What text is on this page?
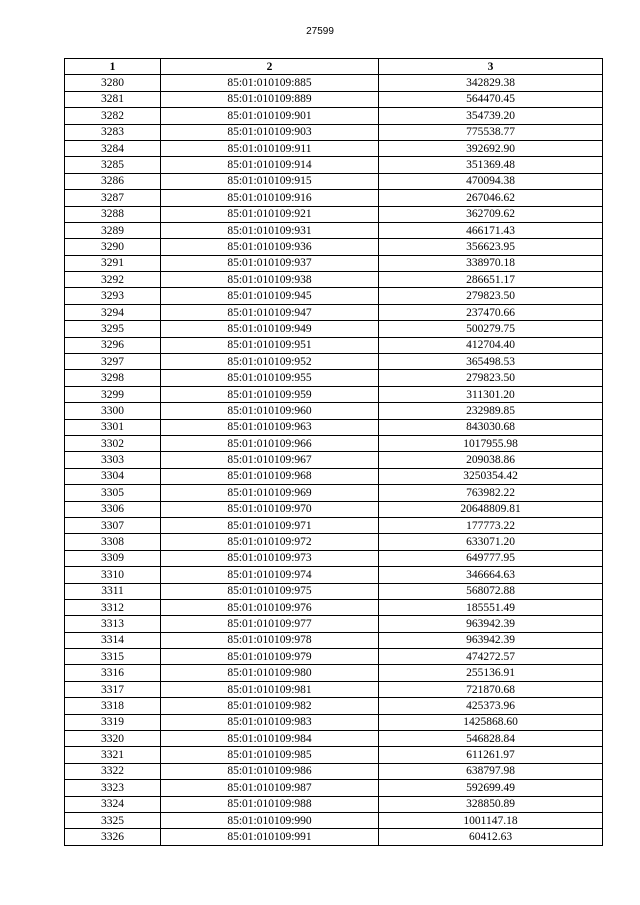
27599
1	2	3
3280	85:01:010109:885	342829.38
3281	85:01:010109:889	564470.45
3282	85:01:010109:901	354739.20
3283	85:01:010109:903	775538.77
3284	85:01:010109:911	392692.90
3285	85:01:010109:914	351369.48
3286	85:01:010109:915	470094.38
3287	85:01:010109:916	267046.62
3288	85:01:010109:921	362709.62
3289	85:01:010109:931	466171.43
3290	85:01:010109:936	356623.95
3291	85:01:010109:937	338970.18
3292	85:01:010109:938	286651.17
3293	85:01:010109:945	279823.50
3294	85:01:010109:947	237470.66
3295	85:01:010109:949	500279.75
3296	85:01:010109:951	412704.40
3297	85:01:010109:952	365498.53
3298	85:01:010109:955	279823.50
3299	85:01:010109:959	311301.20
3300	85:01:010109:960	232989.85
3301	85:01:010109:963	843030.68
3302	85:01:010109:966	1017955.98
3303	85:01:010109:967	209038.86
3304	85:01:010109:968	3250354.42
3305	85:01:010109:969	763982.22
3306	85:01:010109:970	20648809.81
3307	85:01:010109:971	177773.22
3308	85:01:010109:972	633071.20
3309	85:01:010109:973	649777.95
3310	85:01:010109:974	346664.63
3311	85:01:010109:975	568072.88
3312	85:01:010109:976	185551.49
3313	85:01:010109:977	963942.39
3314	85:01:010109:978	963942.39
3315	85:01:010109:979	474272.57
3316	85:01:010109:980	255136.91
3317	85:01:010109:981	721870.68
3318	85:01:010109:982	425373.96
3319	85:01:010109:983	1425868.60
3320	85:01:010109:984	546828.84
3321	85:01:010109:985	611261.97
3322	85:01:010109:986	638797.98
3323	85:01:010109:987	592699.49
3324	85:01:010109:988	328850.89
3325	85:01:010109:990	1001147.18
3326	85:01:010109:991	60412.63
